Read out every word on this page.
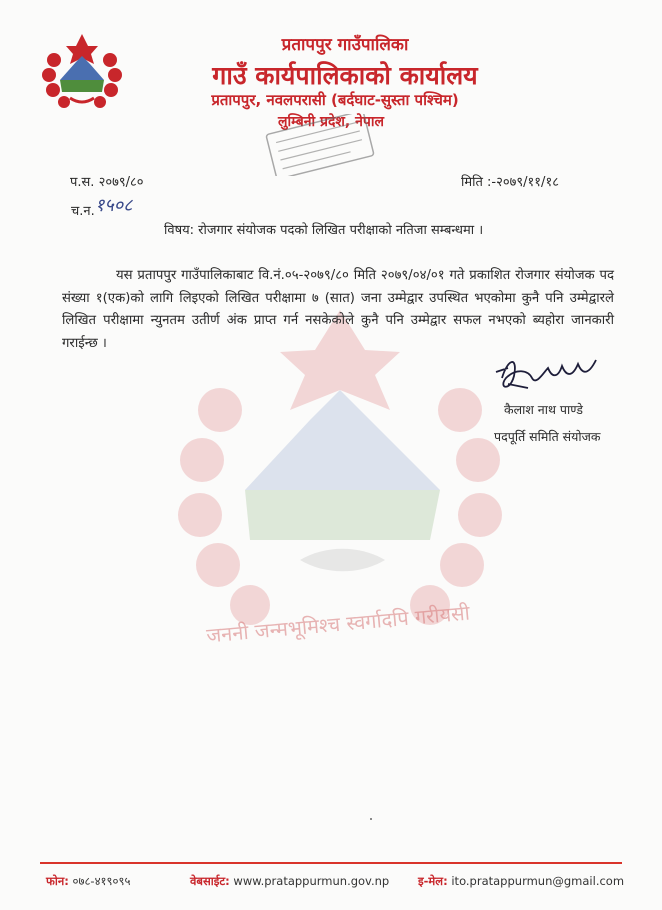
जननी जन्मभूमिश्च स्वर्गादपि गरीयसी
प्रतापपुर गाउँपालिका
गाउँ कार्यपालिकाको कार्यालय
प्रतापपुर, नवलपरासी (बर्दघाट-सुस्ता पश्चिम)
लुम्बिनी प्रदेश, नेपाल
प.स. २०७९/८०	मिति :-२०७९/११/१८
च.न. १५०८
विषय: रोजगार संयोजक पदको लिखित परीक्षाको नतिजा सम्बन्धमा ।
यस प्रतापपुर गाउँपालिकाबाट वि.नं.०५-२०७९/८० मिति २०७९/०४/०१ गते प्रकाशित रोजगार संयोजक पद संख्या १(एक)को लागि लिइएको लिखित परीक्षामा ७ (सात) जना उम्मेद्वार उपस्थित भएकोमा कुनै पनि उम्मेद्वारले लिखित परीक्षामा न्युनतम उतीर्ण अंक प्राप्त गर्न नसकेकोले कुनै पनि उम्मेद्वार सफल नभएको ब्यहोरा जानकारी गराईन्छ ।
कैलाश नाथ पाण्डे
पदपूर्ति समिति संयोजक
फोन: ०७८-४१९०९५	वेबसाईट: www.pratappurmun.gov.np	इ-मेल: ito.pratappurmun@gmail.com
